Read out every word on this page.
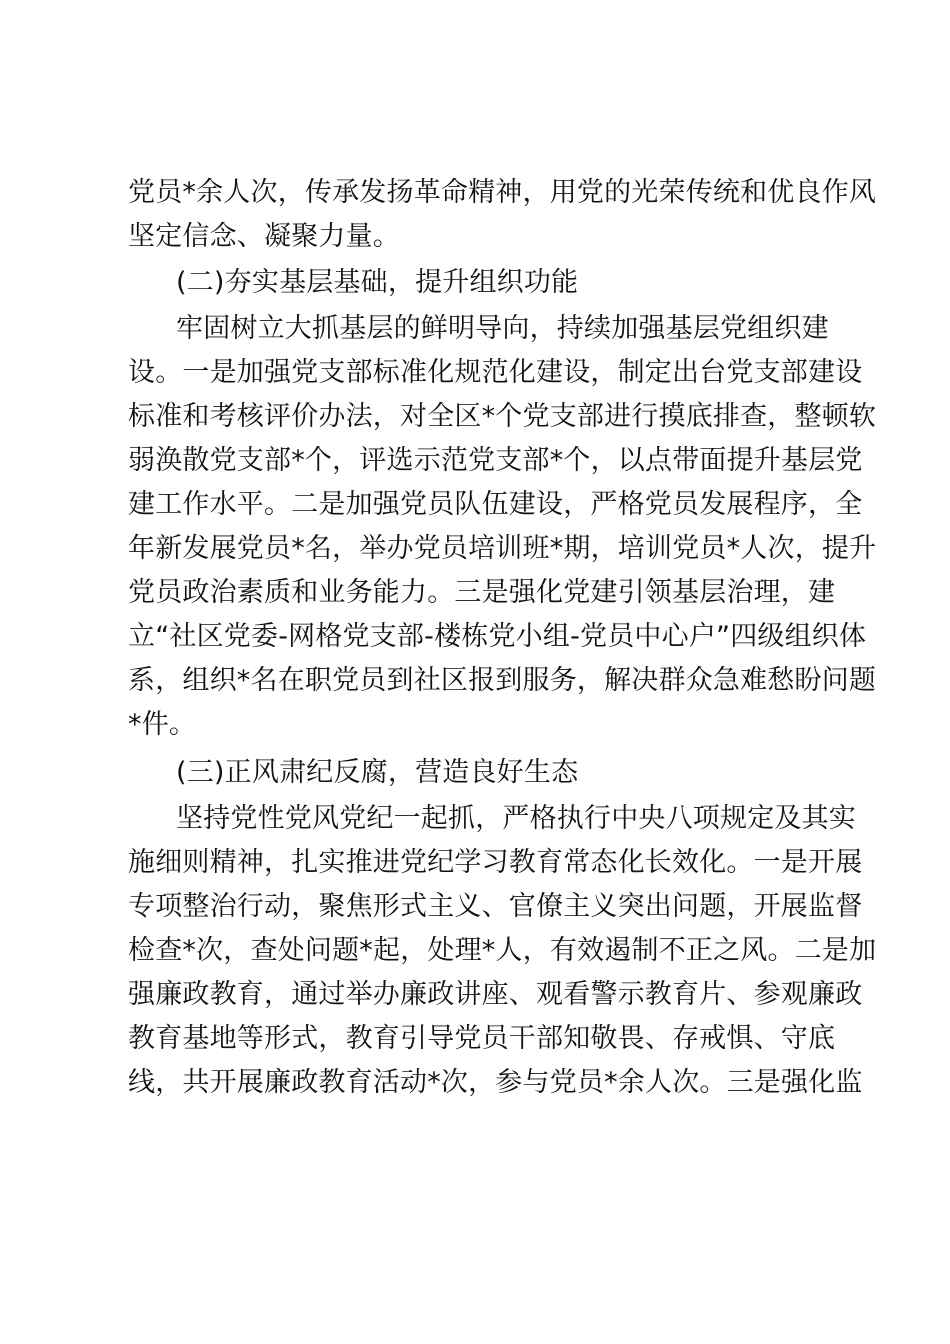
党员*余人次，传承发扬革命精神，用党的光荣传统和优良作风
坚定信念、凝聚力量。
(二)夯实基层基础，提升组织功能
牢固树立大抓基层的鲜明导向，持续加强基层党组织建
设。一是加强党支部标准化规范化建设，制定出台党支部建设
标准和考核评价办法，对全区*个党支部进行摸底排查，整顿软
弱涣散党支部*个，评选示范党支部*个，以点带面提升基层党
建工作水平。二是加强党员队伍建设，严格党员发展程序，全
年新发展党员*名，举办党员培训班*期，培训党员*人次，提升
党员政治素质和业务能力。三是强化党建引领基层治理，建
立“社区党委-网格党支部-楼栋党小组-党员中心户”四级组织体
系，组织*名在职党员到社区报到服务，解决群众急难愁盼问题
*件。
(三)正风肃纪反腐，营造良好生态
坚持党性党风党纪一起抓，严格执行中央八项规定及其实
施细则精神，扎实推进党纪学习教育常态化长效化。一是开展
专项整治行动，聚焦形式主义、官僚主义突出问题，开展监督
检查*次，查处问题*起，处理*人，有效遏制不正之风。二是加
强廉政教育，通过举办廉政讲座、观看警示教育片、参观廉政
教育基地等形式，教育引导党员干部知敬畏、存戒惧、守底
线，共开展廉政教育活动*次，参与党员*余人次。三是强化监
